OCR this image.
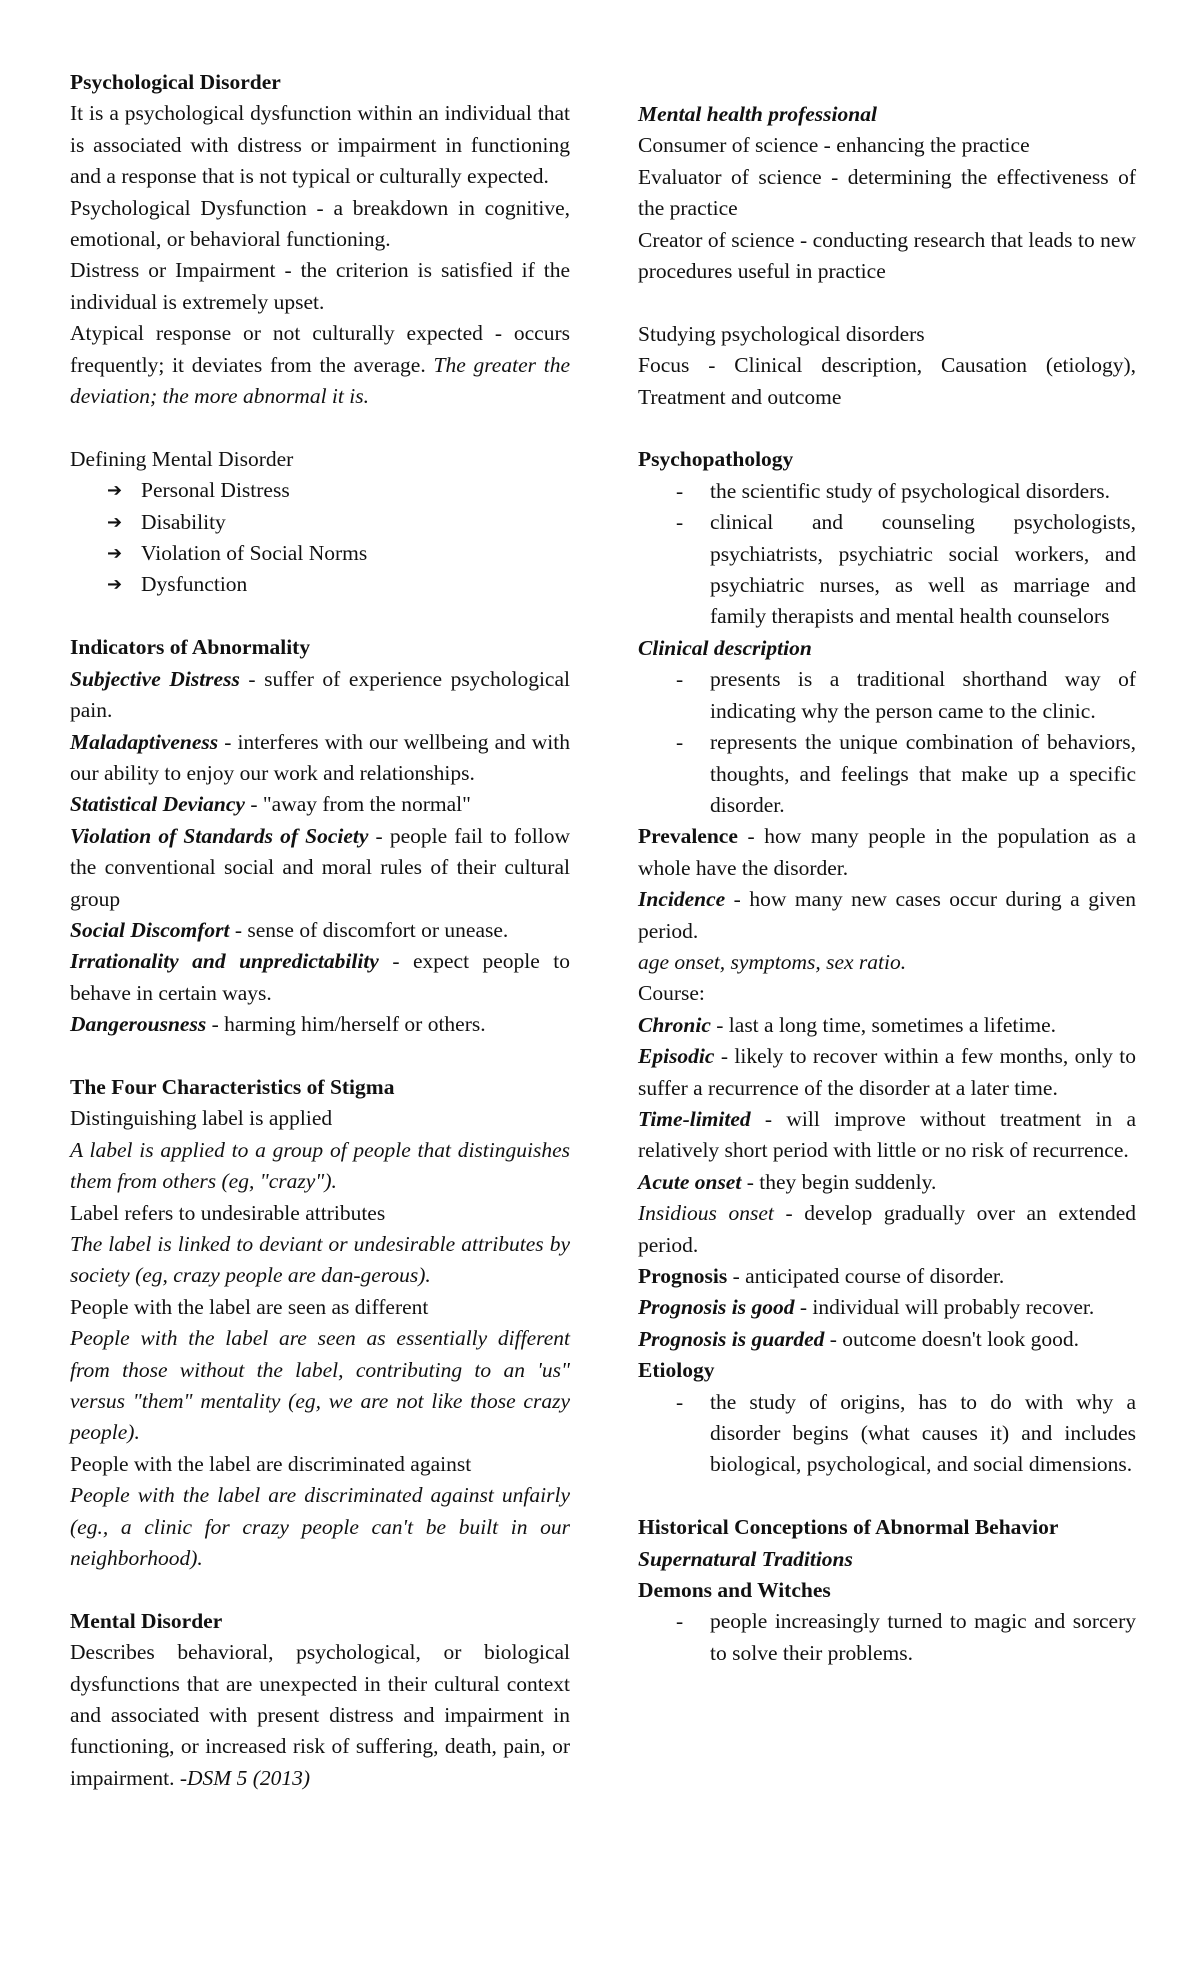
Psychological Disorder

It is a psychological dysfunction within an individual that is associated with distress or impairment in functioning and a response that is not typical or culturally expected.

Psychological Dysfunction - a breakdown in cognitive, emotional, or behavioral functioning.

Distress or Impairment - the criterion is satisfied if the individual is extremely upset.

Atypical response or not culturally expected - occurs frequently; it deviates from the average. The greater the deviation; the more abnormal it is.

Defining Mental Disorder

➔ Personal Distress
➔ Disability
➔ Violation of Social Norms
➔ Dysfunction

Indicators of Abnormality

Subjective Distress - suffer of experience psychological pain.

Maladaptiveness - interferes with our wellbeing and with our ability to enjoy our work and relationships.

Statistical Deviancy - "away from the normal"

Violation of Standards of Society - people fail to follow the conventional social and moral rules of their cultural group

Social Discomfort - sense of discomfort or unease.

Irrationality and unpredictability - expect people to behave in certain ways.

Dangerousness - harming him/herself or others.

The Four Characteristics of Stigma

Distinguishing label is applied

A label is applied to a group of people that distinguishes them from others (eg, "crazy").

Label refers to undesirable attributes

The label is linked to deviant or undesirable attributes by society (eg, crazy people are dan-gerous).

People with the label are seen as different

People with the label are seen as essentially different from those without the label, contributing to an 'us" versus "them" mentality (eg, we are not like those crazy people).

People with the label are discriminated against

People with the label are discriminated against unfairly (eg., a clinic for crazy people can't be built in our neighborhood).

Mental Disorder

Describes behavioral, psychological, or biological dysfunctions that are unexpected in their cultural context and associated with present distress and impairment in functioning, or increased risk of suffering, death, pain, or impairment. -DSM 5 (2013)

Mental health professional

Consumer of science - enhancing the practice

Evaluator of science - determining the effectiveness of the practice

Creator of science - conducting research that leads to new procedures useful in practice

Studying psychological disorders

Focus - Clinical description, Causation (etiology), Treatment and outcome

Psychopathology

- the scientific study of psychological disorders.
- clinical and counseling psychologists, psychiatrists, psychiatric social workers, and psychiatric nurses, as well as marriage and family therapists and mental health counselors

Clinical description

- presents is a traditional shorthand way of indicating why the person came to the clinic.
- represents the unique combination of behaviors, thoughts, and feelings that make up a specific disorder.

Prevalence - how many people in the population as a whole have the disorder.

Incidence - how many new cases occur during a given period.

age onset, symptoms, sex ratio.

Course:

Chronic - last a long time, sometimes a lifetime.

Episodic - likely to recover within a few months, only to suffer a recurrence of the disorder at a later time.

Time-limited - will improve without treatment in a relatively short period with little or no risk of recurrence.

Acute onset - they begin suddenly.

Insidious onset - develop gradually over an extended period.

Prognosis - anticipated course of disorder.

Prognosis is good - individual will probably recover.

Prognosis is guarded - outcome doesn't look good.

Etiology

- the study of origins, has to do with why a disorder begins (what causes it) and includes biological, psychological, and social dimensions.

Historical Conceptions of Abnormal Behavior

Supernatural Traditions

Demons and Witches

- people increasingly turned to magic and sorcery to solve their problems.
